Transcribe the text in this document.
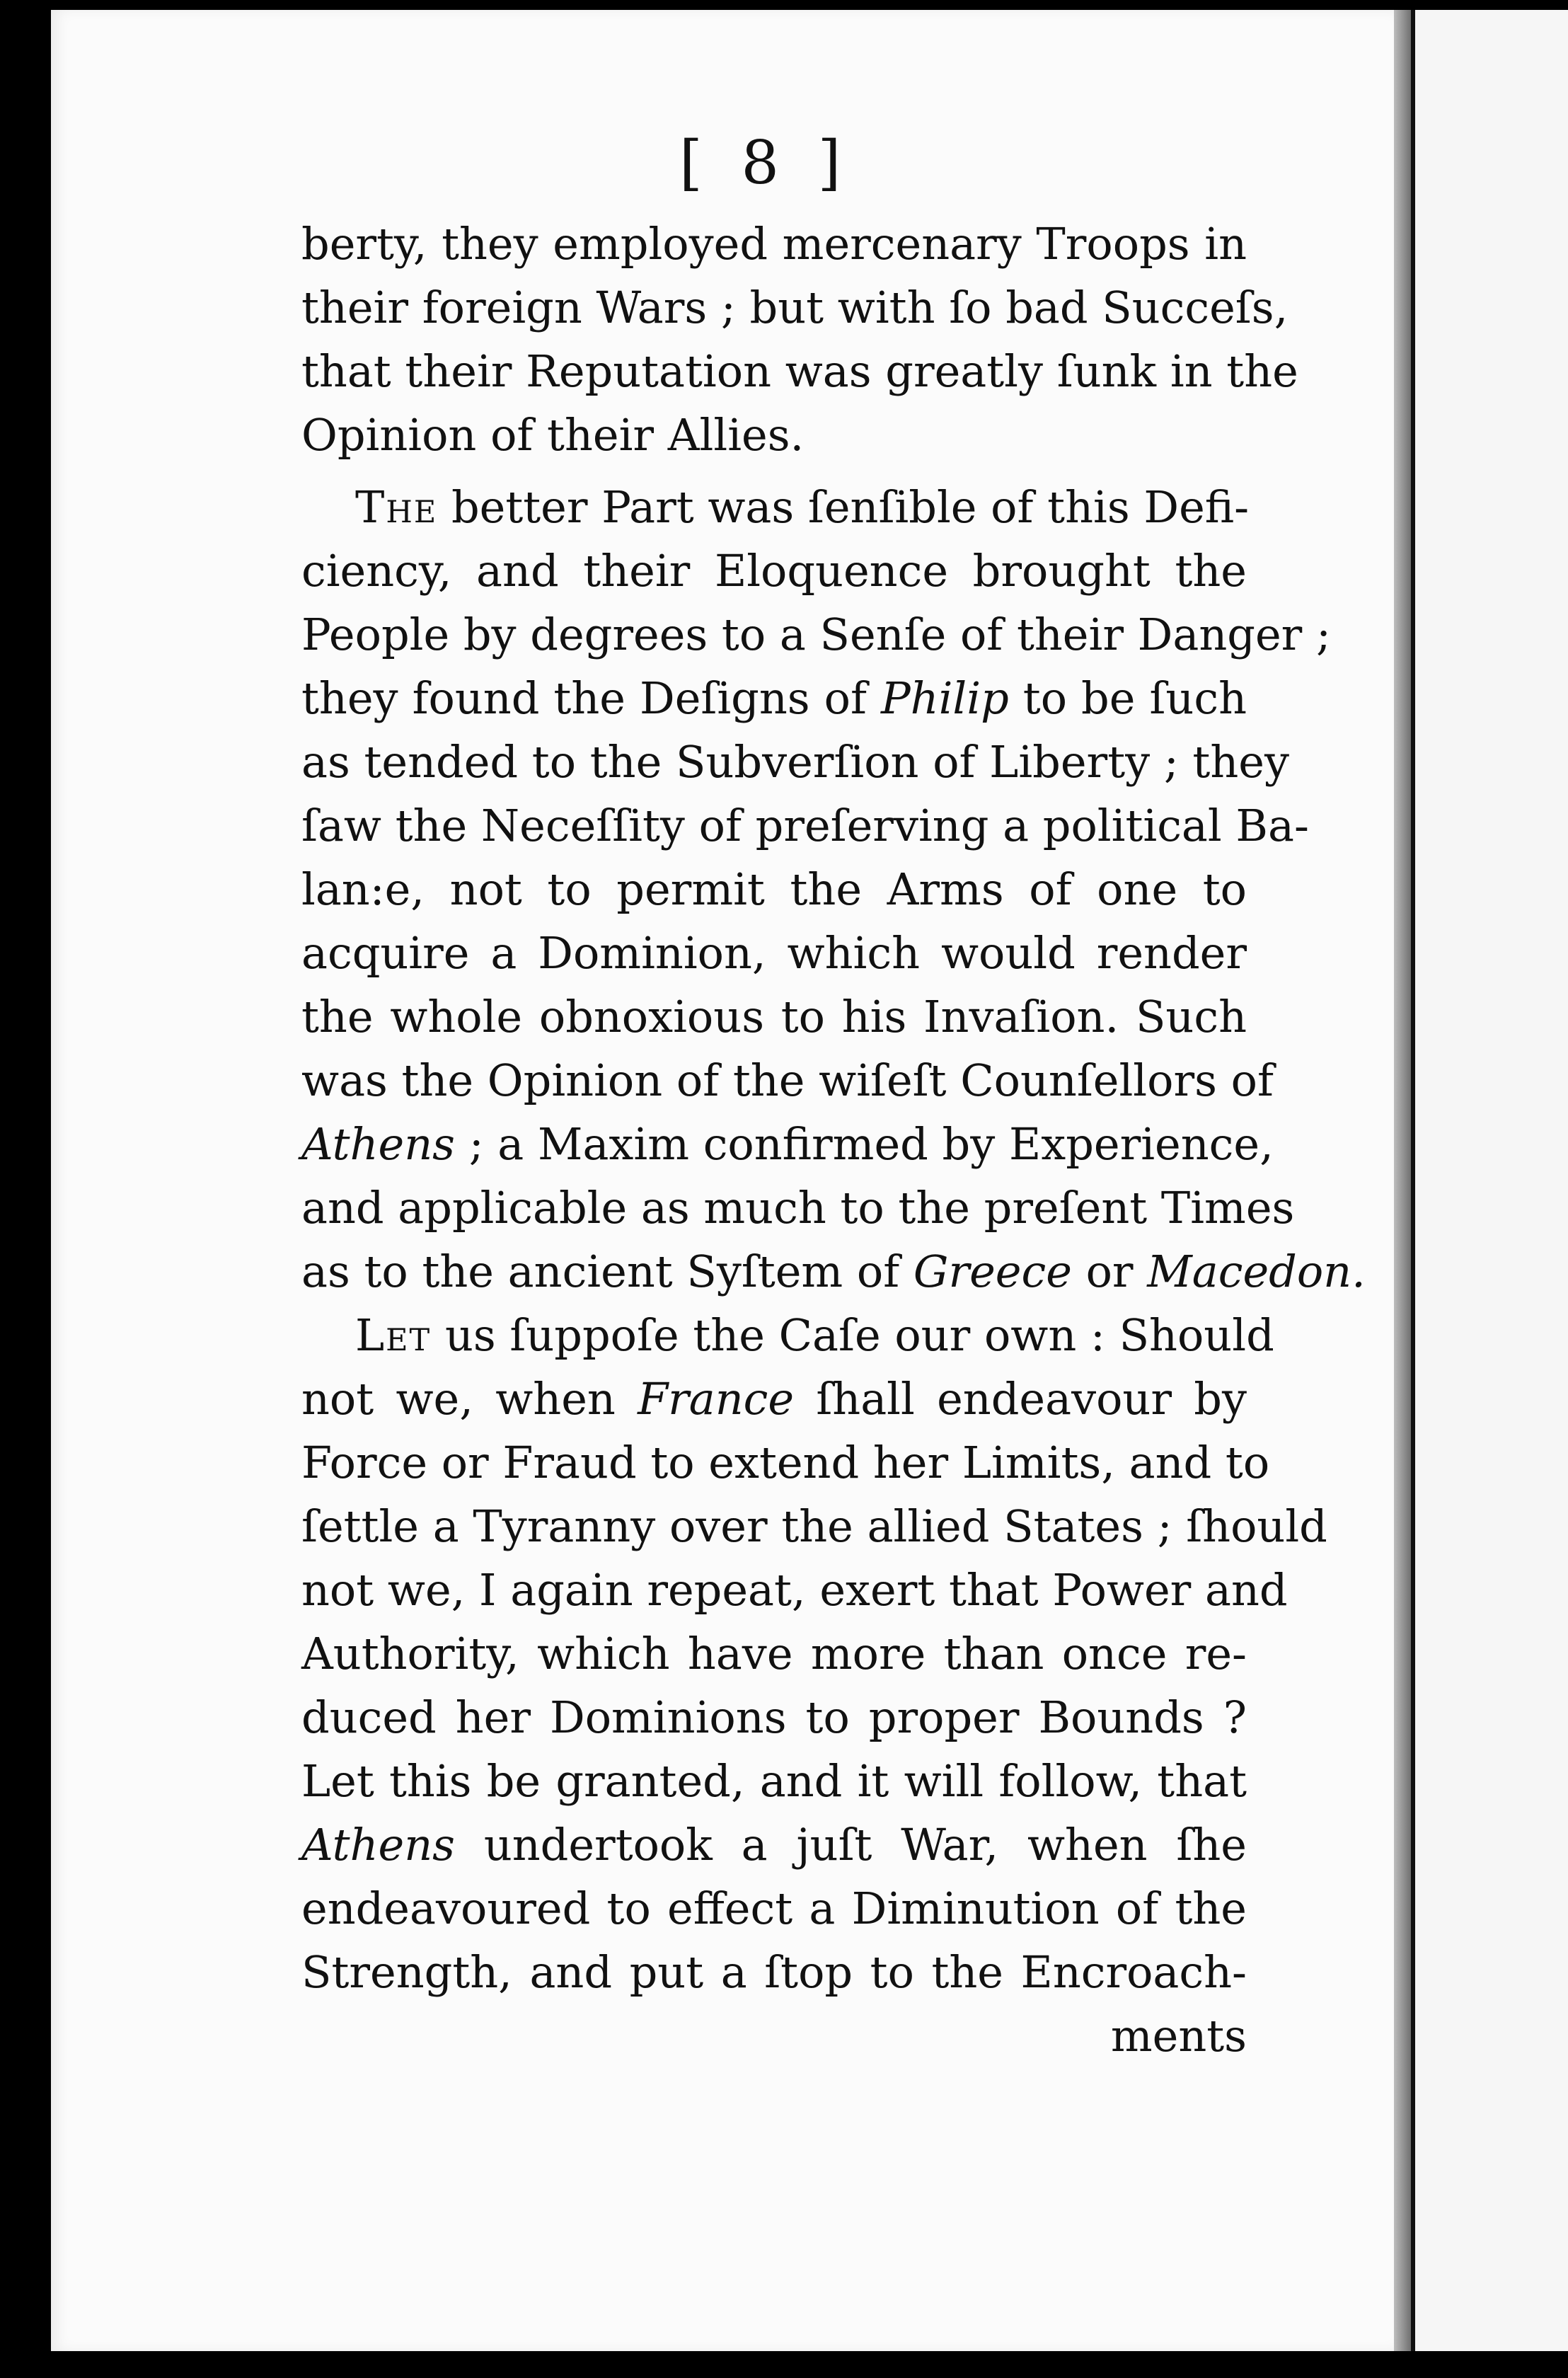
[ 8 ]
berty, they employed mercenary Troops in
their foreign Wars ; but with ſo bad Succeſs,
that their Reputation was greatly ſunk in the
Opinion of their Allies.
The better Part was ſenſible of this Defi-
ciency, and their Eloquence brought the
People by degrees to a Senſe of their Danger ;
they found the Deſigns of Philip to be ſuch
as tended to the Subverſion of Liberty ; they
ſaw the Neceſſity of preſerving a political Ba-
lan:e, not to permit the Arms of one to
acquire a Dominion, which would render
the whole obnoxious to his Invaſion. Such
was the Opinion of the wiſeſt Counſellors of
Athens ; a Maxim confirmed by Experience,
and applicable as much to the preſent Times
as to the ancient Syſtem of Greece or Macedon.
Let us ſuppoſe the Caſe our own : Should
not we, when France ſhall endeavour by
Force or Fraud to extend her Limits, and to
ſettle a Tyranny over the allied States ; ſhould
not we, I again repeat, exert that Power and
Authority, which have more than once re-
duced her Dominions to proper Bounds ?
Let this be granted, and it will follow, that
Athens undertook a juſt War, when ſhe
endeavoured to effect a Diminution of the
Strength, and put a ſtop to the Encroach-
ments
